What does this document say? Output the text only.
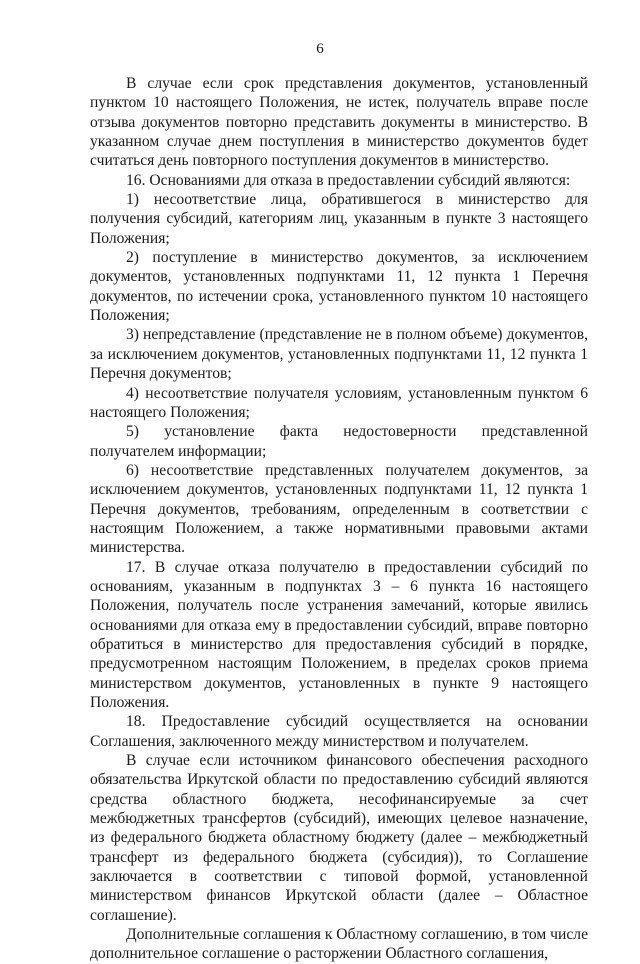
6

В случае если срок представления документов, установленный пунктом 10 настоящего Положения, не истек, получатель вправе после отзыва документов повторно представить документы в министерство. В указанном случае днем поступления в министерство документов будет считаться день повторного поступления документов в министерство.

16. Основаниями для отказа в предоставлении субсидий являются:

1) несоответствие лица, обратившегося в министерство для получения субсидий, категориям лиц, указанным в пункте 3 настоящего Положения;

2) поступление в министерство документов, за исключением документов, установленных подпунктами 11, 12 пункта 1 Перечня документов, по истечении срока, установленного пунктом 10 настоящего Положения;

3) непредставление (представление не в полном объеме) документов, за исключением документов, установленных подпунктами 11, 12 пункта 1 Перечня документов;

4) несоответствие получателя условиям, установленным пунктом 6 настоящего Положения;

5) установление факта недостоверности представленной получателем информации;

6) несоответствие представленных получателем документов, за исключением документов, установленных подпунктами 11, 12 пункта 1 Перечня документов, требованиям, определенным в соответствии с настоящим Положением, а также нормативными правовыми актами министерства.

17. В случае отказа получателю в предоставлении субсидий по основаниям, указанным в подпунктах 3 – 6 пункта 16 настоящего Положения, получатель после устранения замечаний, которые явились основаниями для отказа ему в предоставлении субсидий, вправе повторно обратиться в министерство для предоставления субсидий в порядке, предусмотренном настоящим Положением, в пределах сроков приема министерством документов, установленных в пункте 9 настоящего Положения.

18. Предоставление субсидий осуществляется на основании Соглашения, заключенного между министерством и получателем.

В случае если источником финансового обеспечения расходного обязательства Иркутской области по предоставлению субсидий являются средства областного бюджета, несофинансируемые за счет межбюджетных трансфертов (субсидий), имеющих целевое назначение, из федерального бюджета областному бюджету (далее – межбюджетный трансферт из федерального бюджета (субсидия)), то Соглашение заключается в соответствии с типовой формой, установленной министерством финансов Иркутской области (далее – Областное соглашение).

Дополнительные соглашения к Областному соглашению, в том числе дополнительное соглашение о расторжении Областного соглашения,
